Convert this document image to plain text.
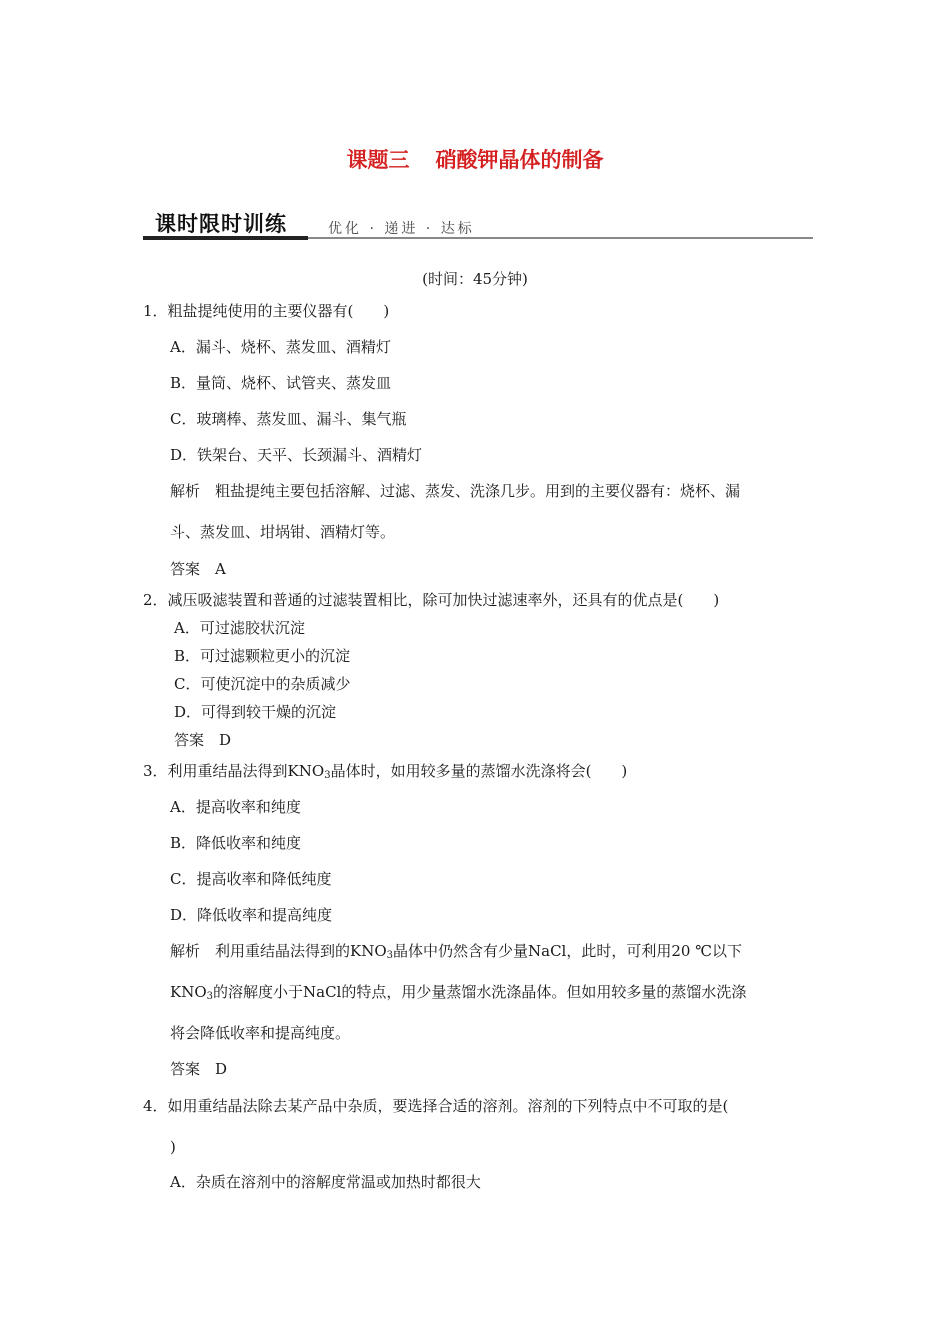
课题三 硝酸钾晶体的制备
课时限时训练	优化 · 递进 · 达标
(时间：45分钟)
1．粗盐提纯使用的主要仪器有(　　)
A．漏斗、烧杯、蒸发皿、酒精灯
B．量筒、烧杯、试管夹、蒸发皿
C．玻璃棒、蒸发皿、漏斗、集气瓶
D．铁架台、天平、长颈漏斗、酒精灯
解析　粗盐提纯主要包括溶解、过滤、蒸发、洗涤几步。用到的主要仪器有：烧杯、漏
斗、蒸发皿、坩埚钳、酒精灯等。
答案　A
2．减压吸滤装置和普通的过滤装置相比，除可加快过滤速率外，还具有的优点是(　　)
A．可过滤胶状沉淀
B．可过滤颗粒更小的沉淀
C．可使沉淀中的杂质减少
D．可得到较干燥的沉淀
答案　D
3．利用重结晶法得到$KNO_3$晶体时，如用较多量的蒸馏水洗涤将会(　　)
A．提高收率和纯度
B．降低收率和纯度
C．提高收率和降低纯度
D．降低收率和提高纯度
解析　利用重结晶法得到的$KNO_3$晶体中仍然含有少量NaCl，此时，可利用20 ℃以下
$KNO_3$的溶解度小于NaCl的特点，用少量蒸馏水洗涤晶体。但如用较多量的蒸馏水洗涤
将会降低收率和提高纯度。
答案　D
4．如用重结晶法除去某产品中杂质，要选择合适的溶剂。溶剂的下列特点中不可取的是(
)
A．杂质在溶剂中的溶解度常温或加热时都很大
